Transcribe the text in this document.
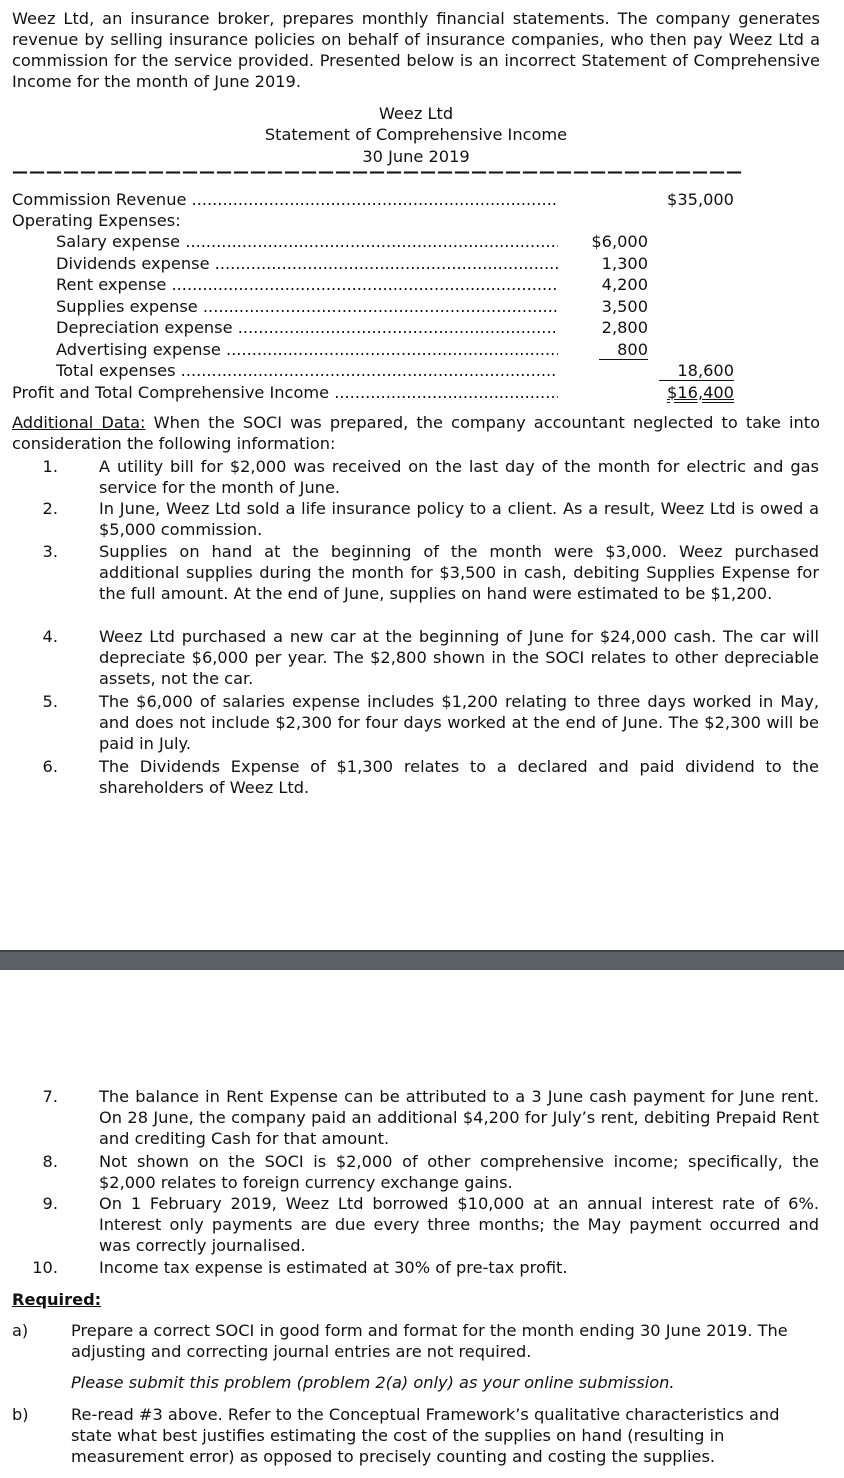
Weez Ltd, an insurance broker, prepares monthly financial statements. The company generates revenue by selling insurance policies on behalf of insurance companies, who then pay Weez Ltd a commission for the service provided. Presented below is an incorrect Statement of Comprehensive Income for the month of June 2019.
Weez Ltd
Statement of Comprehensive Income
30 June 2019
———————————————————————————————————————————
Commission Revenue .....	$35,000
Operating Expenses:
Salary expense .....	$6,000
Dividends expense .....	1,300
Rent expense .....	4,200
Supplies expense .....	3,500
Depreciation expense .....	2,800
Advertising expense .....	800
Total expenses .....	18,600
Profit and Total Comprehensive Income .....	$16,400
Additional Data: When the SOCI was prepared, the company accountant neglected to take into consideration the following information:
1.	A utility bill for $2,000 was received on the last day of the month for electric and gas service for the month of June.
2.	In June, Weez Ltd sold a life insurance policy to a client. As a result, Weez Ltd is owed a $5,000 commission.
3.	Supplies on hand at the beginning of the month were $3,000. Weez purchased additional supplies during the month for $3,500 in cash, debiting Supplies Expense for the full amount. At the end of June, supplies on hand were estimated to be $1,200.
4.	Weez Ltd purchased a new car at the beginning of June for $24,000 cash. The car will depreciate $6,000 per year. The $2,800 shown in the SOCI relates to other depreciable assets, not the car.
5.	The $6,000 of salaries expense includes $1,200 relating to three days worked in May, and does not include $2,300 for four days worked at the end of June. The $2,300 will be paid in July.
6.	The Dividends Expense of $1,300 relates to a declared and paid dividend to the shareholders of Weez Ltd.
7.	The balance in Rent Expense can be attributed to a 3 June cash payment for June rent. On 28 June, the company paid an additional $4,200 for July’s rent, debiting Prepaid Rent and crediting Cash for that amount.
8.	Not shown on the SOCI is $2,000 of other comprehensive income; specifically, the $2,000 relates to foreign currency exchange gains.
9.	On 1 February 2019, Weez Ltd borrowed $10,000 at an annual interest rate of 6%. Interest only payments are due every three months; the May payment occurred and was correctly journalised.
10.	Income tax expense is estimated at 30% of pre-tax profit.
Required:
a)	Prepare a correct SOCI in good form and format for the month ending 30 June 2019. The adjusting and correcting journal entries are not required.
Please submit this problem (problem 2(a) only) as your online submission.
b)	Re-read #3 above. Refer to the Conceptual Framework’s qualitative characteristics and state what best justifies estimating the cost of the supplies on hand (resulting in measurement error) as opposed to precisely counting and costing the supplies.
